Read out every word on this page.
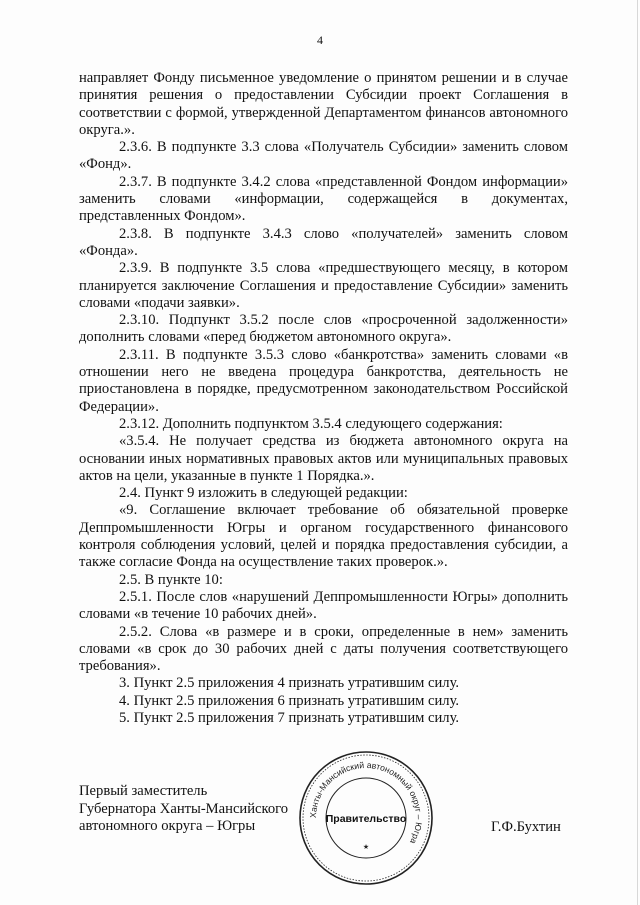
4

направляет Фонду письменное уведомление о принятом решении и в случае принятия решения о предоставлении Субсидии проект Соглашения в соответствии с формой, утвержденной Департаментом финансов автономного округа.».

2.3.6. В подпункте 3.3 слова «Получатель Субсидии» заменить словом «Фонд».

2.3.7. В подпункте 3.4.2 слова «представленной Фондом информации» заменить словами «информации, содержащейся в документах, представленных Фондом».

2.3.8. В подпункте 3.4.3 слово «получателей» заменить словом «Фонда».

2.3.9. В подпункте 3.5 слова «предшествующего месяцу, в котором планируется заключение Соглашения и предоставление Субсидии» заменить словами «подачи заявки».

2.3.10. Подпункт 3.5.2 после слов «просроченной задолженности» дополнить словами «перед бюджетом автономного округа».

2.3.11. В подпункте 3.5.3 слово «банкротства» заменить словами «в отношении него не введена процедура банкротства, деятельность не приостановлена в порядке, предусмотренном законодательством Российской Федерации».

2.3.12. Дополнить подпунктом 3.5.4 следующего содержания:

«3.5.4. Не получает средства из бюджета автономного округа на основании иных нормативных правовых актов или муниципальных правовых актов на цели, указанные в пункте 1 Порядка.».

2.4. Пункт 9 изложить в следующей редакции:

«9. Соглашение включает требование об обязательной проверке Деппромышленности Югры и органом государственного финансового контроля соблюдения условий, целей и порядка предоставления субсидии, а также согласие Фонда на осуществление таких проверок.».

2.5. В пункте 10:

2.5.1. После слов «нарушений Деппромышленности Югры» дополнить словами «в течение 10 рабочих дней».

2.5.2. Слова «в размере и в сроки, определенные в нем» заменить словами «в срок до 30 рабочих дней с даты получения соответствующего требования».

3. Пункт 2.5 приложения 4 признать утратившим силу.

4. Пункт 2.5 приложения 6 признать утратившим силу.

5. Пункт 2.5 приложения 7 признать утратившим силу.

Первый заместитель
Губернатора Ханты-Мансийского
автономного округа – Югры	Г.Ф.Бухтин
Ханты-Мансийский автономный округ – Югра
Правительство
★
